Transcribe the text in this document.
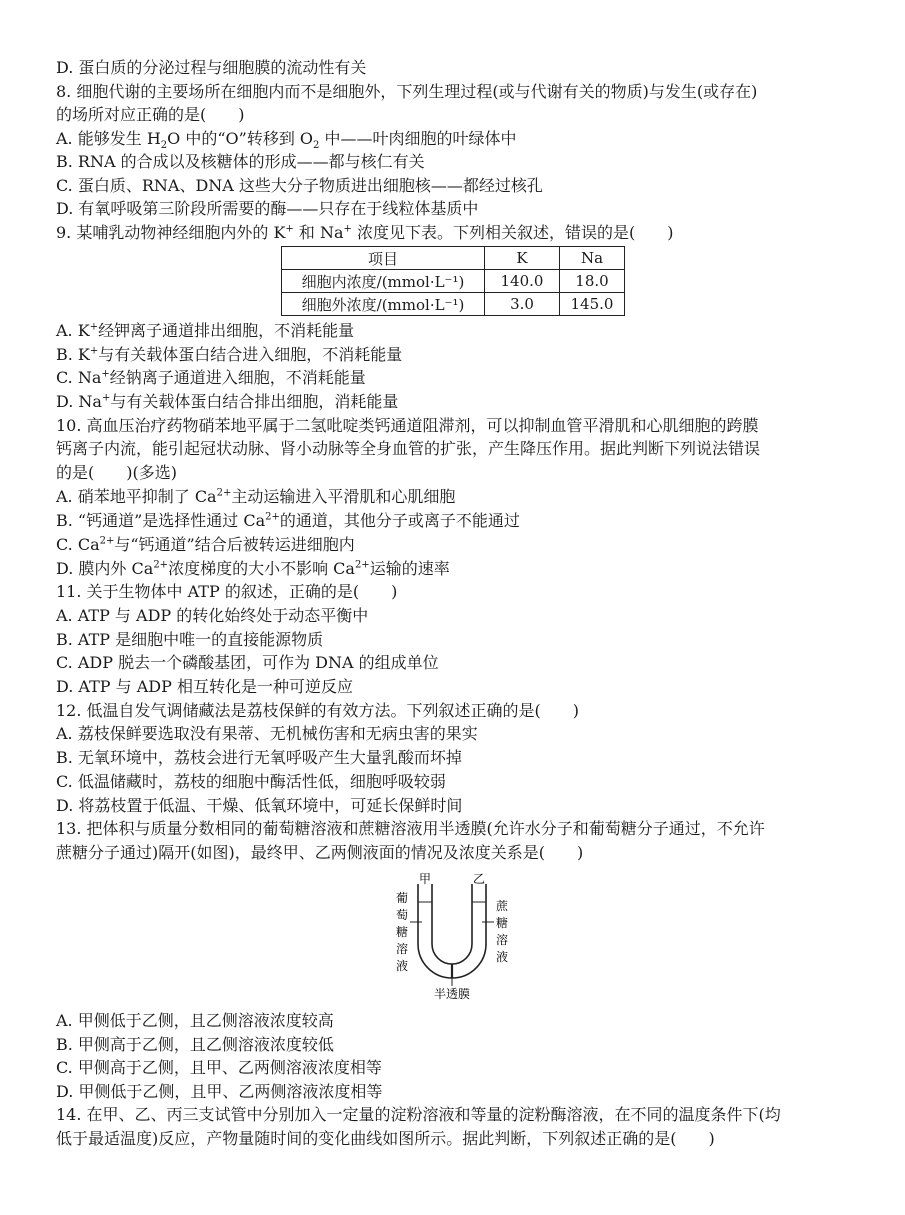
D. 蛋白质的分泌过程与细胞膜的流动性有关
8. 细胞代谢的主要场所在细胞内而不是细胞外，下列生理过程(或与代谢有关的物质)与发生(或存在)
的场所对应正确的是(　　)
A. 能够发生 $H_2O$ 中的“O”转移到 $O_2$ 中——叶肉细胞的叶绿体中
B. RNA 的合成以及核糖体的形成——都与核仁有关
C. 蛋白质、RNA、DNA 这些大分子物质进出细胞核——都经过核孔
D. 有氧呼吸第三阶段所需要的酶——只存在于线粒体基质中
9. 某哺乳动物神经细胞内外的 K+ 和 Na+ 浓度见下表。下列相关叙述，错误的是(　　)
项目	K	Na
细胞内浓度/(mmol·L⁻¹)	140.0	18.0
细胞外浓度/(mmol·L⁻¹)	3.0	145.0
A. K+经钾离子通道排出细胞，不消耗能量
B. K+与有关载体蛋白结合进入细胞，不消耗能量
C. Na+经钠离子通道进入细胞，不消耗能量
D. Na+与有关载体蛋白结合排出细胞，消耗能量
10. 高血压治疗药物硝苯地平属于二氢吡啶类钙通道阻滞剂，可以抑制血管平滑肌和心肌细胞的跨膜
钙离子内流，能引起冠状动脉、肾小动脉等全身血管的扩张，产生降压作用。据此判断下列说法错误
的是(　　)(多选)
A. 硝苯地平抑制了 $Ca^{2+}$主动运输进入平滑肌和心肌细胞
B. “钙通道”是选择性通过 $Ca^{2+}$的通道，其他分子或离子不能通过
C. $Ca^{2+}$与“钙通道”结合后被转运进细胞内
D. 膜内外 $Ca^{2+}$浓度梯度的大小不影响 $Ca^{2+}$运输的速率
11. 关于生物体中 ATP 的叙述，正确的是(　　)
A. ATP 与 ADP 的转化始终处于动态平衡中
B. ATP 是细胞中唯一的直接能源物质
C. ADP 脱去一个磷酸基团，可作为 DNA 的组成单位
D. ATP 与 ADP 相互转化是一种可逆反应
12. 低温自发气调储藏法是荔枝保鲜的有效方法。下列叙述正确的是(　　)
A. 荔枝保鲜要选取没有果蒂、无机械伤害和无病虫害的果实
B. 无氧环境中，荔枝会进行无氧呼吸产生大量乳酸而坏掉
C. 低温储藏时，荔枝的细胞中酶活性低，细胞呼吸较弱
D. 将荔枝置于低温、干燥、低氧环境中，可延长保鲜时间
13. 把体积与质量分数相同的葡萄糖溶液和蔗糖溶液用半透膜(允许水分子和葡萄糖分子通过，不允许
蔗糖分子通过)隔开(如图)，最终甲、乙两侧液面的情况及浓度关系是(　　)
甲	乙
葡
萄
糖
溶
液
蔗
糖
溶
液
半透膜
A. 甲侧低于乙侧，且乙侧溶液浓度较高
B. 甲侧高于乙侧，且乙侧溶液浓度较低
C. 甲侧高于乙侧，且甲、乙两侧溶液浓度相等
D. 甲侧低于乙侧，且甲、乙两侧溶液浓度相等
14. 在甲、乙、丙三支试管中分别加入一定量的淀粉溶液和等量的淀粉酶溶液，在不同的温度条件下(均
低于最适温度)反应，产物量随时间的变化曲线如图所示。据此判断，下列叙述正确的是(　　)
